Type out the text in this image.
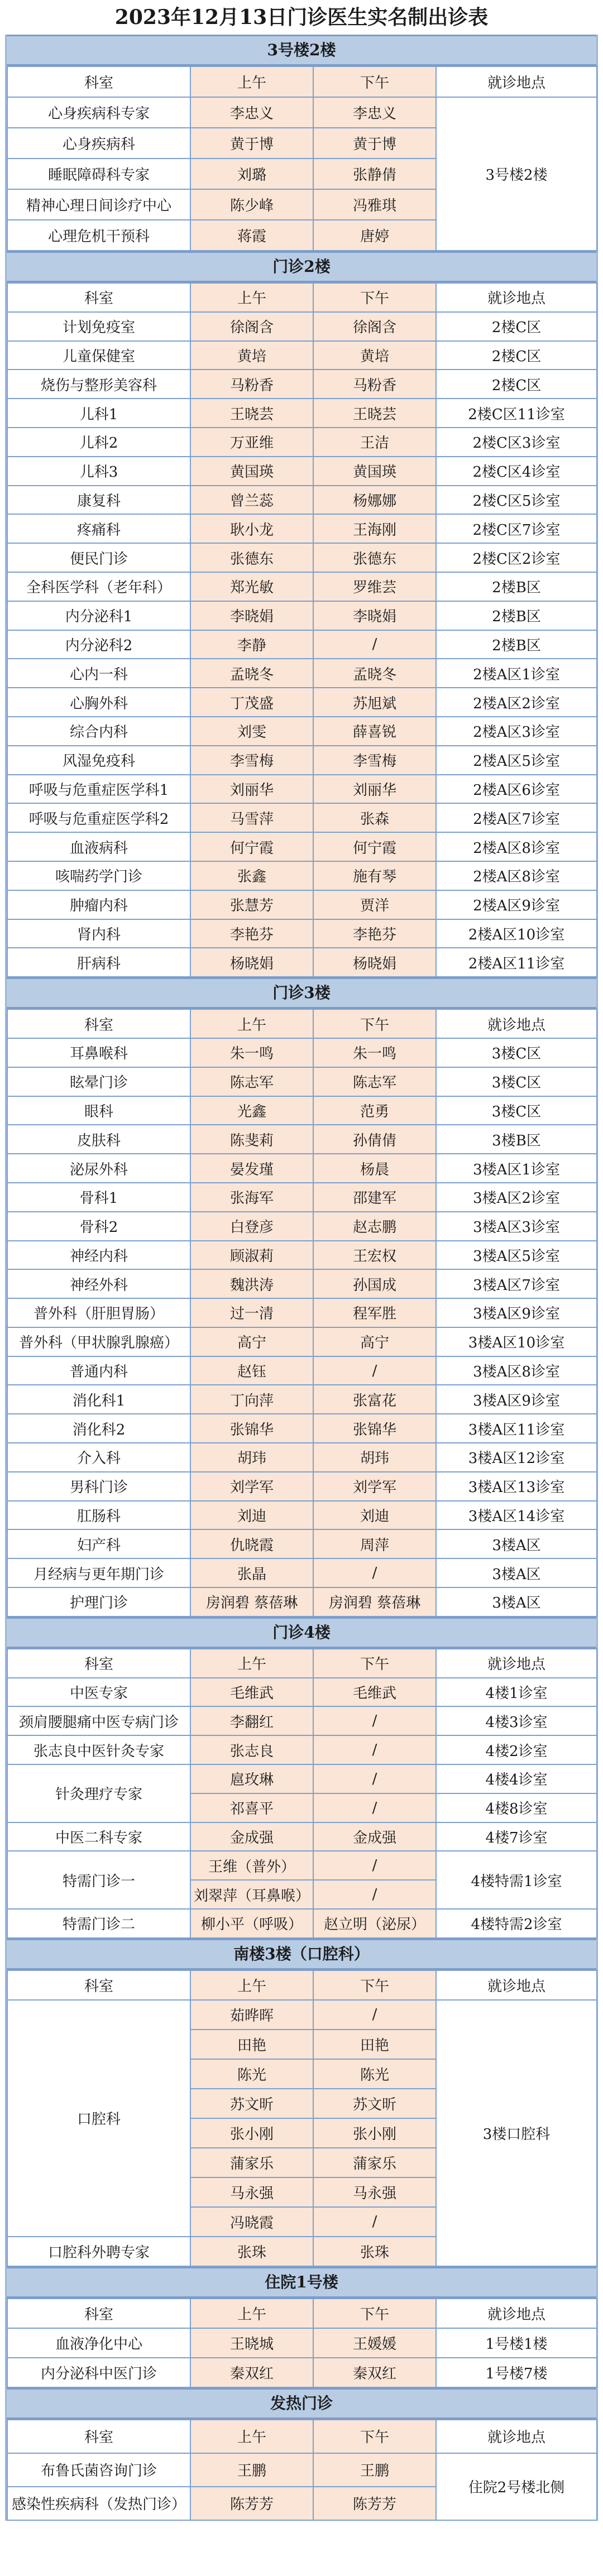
2023年12月13日门诊医生实名制出诊表
3号楼2楼
科室	上午	下午	就诊地点
心身疾病科专家	李忠义	李忠义	3号楼2楼
心身疾病科	黄于博	黄于博	
睡眠障碍科专家	刘璐	张静倩	
精神心理日间诊疗中心	陈少峰	冯雅琪	
心理危机干预科	蒋霞	唐婷	
门诊2楼
科室	上午	下午	就诊地点
计划免疫室	徐阁含	徐阁含	2楼C区
儿童保健室	黄培	黄培	2楼C区
烧伤与整形美容科	马粉香	马粉香	2楼C区
儿科1	王晓芸	王晓芸	2楼C区11诊室
儿科2	万亚维	王洁	2楼C区3诊室
儿科3	黄国瑛	黄国瑛	2楼C区4诊室
康复科	曾兰蕊	杨娜娜	2楼C区5诊室
疼痛科	耿小龙	王海刚	2楼C区7诊室
便民门诊	张德东	张德东	2楼C区2诊室
全科医学科（老年科）	郑光敏	罗维芸	2楼B区
内分泌科1	李晓娟	李晓娟	2楼B区
内分泌科2	李静	/	2楼B区
心内一科	孟晓冬	孟晓冬	2楼A区1诊室
心胸外科	丁茂盛	苏旭斌	2楼A区2诊室
综合内科	刘雯	薛喜锐	2楼A区3诊室
风湿免疫科	李雪梅	李雪梅	2楼A区5诊室
呼吸与危重症医学科1	刘丽华	刘丽华	2楼A区6诊室
呼吸与危重症医学科2	马雪萍	张森	2楼A区7诊室
血液病科	何宁霞	何宁霞	2楼A区8诊室
咳喘药学门诊	张鑫	施有琴	2楼A区8诊室
肿瘤内科	张慧芳	贾洋	2楼A区9诊室
肾内科	李艳芬	李艳芬	2楼A区10诊室
肝病科	杨晓娟	杨晓娟	2楼A区11诊室
门诊3楼
科室	上午	下午	就诊地点
耳鼻喉科	朱一鸣	朱一鸣	3楼C区
眩晕门诊	陈志军	陈志军	3楼C区
眼科	光鑫	范勇	3楼C区
皮肤科	陈斐莉	孙倩倩	3楼B区
泌尿外科	晏发瑾	杨晨	3楼A区1诊室
骨科1	张海军	邵建军	3楼A区2诊室
骨科2	白登彦	赵志鹏	3楼A区3诊室
神经内科	顾淑莉	王宏权	3楼A区5诊室
神经外科	魏洪涛	孙国成	3楼A区7诊室
普外科（肝胆胃肠）	过一清	程军胜	3楼A区9诊室
普外科（甲状腺乳腺癌）	高宁	高宁	3楼A区10诊室
普通内科	赵钰	/	3楼A区8诊室
消化科1	丁向萍	张富花	3楼A区9诊室
消化科2	张锦华	张锦华	3楼A区11诊室
介入科	胡玮	胡玮	3楼A区12诊室
男科门诊	刘学军	刘学军	3楼A区13诊室
肛肠科	刘迪	刘迪	3楼A区14诊室
妇产科	仇晓霞	周萍	3楼A区
月经病与更年期门诊	张晶	/	3楼A区
护理门诊	房润碧 蔡蓓琳	房润碧 蔡蓓琳	3楼A区
门诊4楼
科室	上午	下午	就诊地点
中医专家	毛维武	毛维武	4楼1诊室
颈肩腰腿痛中医专病门诊	李翻红	/	4楼3诊室
张志良中医针灸专家	张志良	/	4楼2诊室
针灸理疗专家	扈玫琳	/	4楼4诊室
	祁喜平	/	4楼8诊室
中医二科专家	金成强	金成强	4楼7诊室
特需门诊一	王维（普外）	/	4楼特需1诊室
	刘翠萍（耳鼻喉）	/	
特需门诊二	柳小平（呼吸）	赵立明（泌尿）	4楼特需2诊室
南楼3楼（口腔科）
科室	上午	下午	就诊地点
口腔科	茹晔晖	/	3楼口腔科
	田艳	田艳	
	陈光	陈光	
	苏文昕	苏文昕	
	张小刚	张小刚	
	蒲家乐	蒲家乐	
	马永强	马永强	
	冯晓霞	/	
口腔科外聘专家	张珠	张珠	
住院1号楼
科室	上午	下午	就诊地点
血液净化中心	王晓城	王媛媛	1号楼1楼
内分泌科中医门诊	秦双红	秦双红	1号楼7楼
发热门诊
科室	上午	下午	就诊地点
布鲁氏菌咨询门诊	王鹏	王鹏	住院2号楼北侧
感染性疾病科（发热门诊）	陈芳芳	陈芳芳	
